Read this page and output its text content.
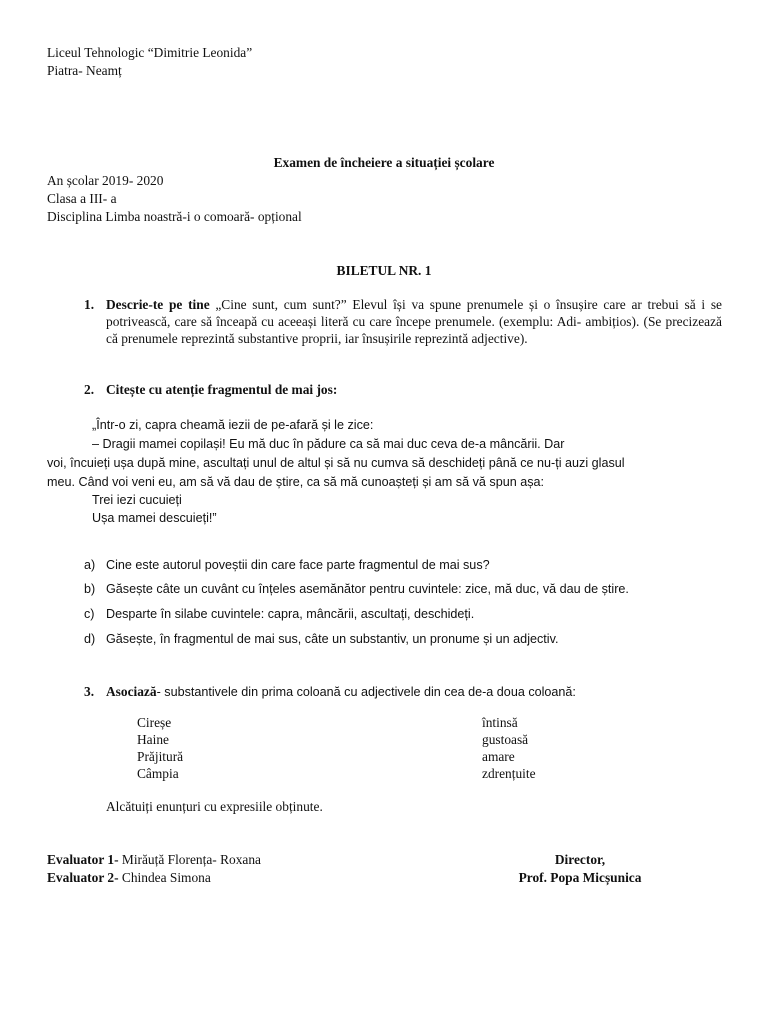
Liceul Tehnologic “Dimitrie Leonida”
Piatra- Neamț
Examen de încheiere a situației școlare
An școlar 2019- 2020
Clasa a III- a
Disciplina Limba noastră-i o comoară- opțional
BILETUL NR. 1
1. Descrie-te pe tine „Cine sunt, cum sunt?” Elevul își va spune prenumele și o însușire care ar trebui să i se potrivească, care să înceapă cu aceeași literă cu care începe prenumele. (exemplu: Adi- ambițios). (Se precizează că prenumele reprezintă substantive proprii, iar însușirile reprezintă adjective).
2. Citește cu atenție fragmentul de mai jos:
„Într-o zi, capra cheamă iezii de pe-afară și le zice:
– Dragii mamei copilași! Eu mă duc în pădure ca să mai duc ceva de-a mâncării. Dar
voi, încuieți ușa după mine, ascultați unul de altul și să nu cumva să deschideți până ce nu-ți auzi glasul
meu. Când voi veni eu, am să vă dau de știre, ca să mă cunoașteți și am să vă spun așa:
Trei iezi cucuieți
Ușa mamei descuieți!”
a) Cine este autorul poveștii din care face parte fragmentul de mai sus?
b) Găsește câte un cuvânt cu înțeles asemănător pentru cuvintele: zice, mă duc, vă dau de știre.
c) Desparte în silabe cuvintele: capra, mâncării, ascultați, deschideți.
d) Găsește, în fragmentul de mai sus, câte un substantiv, un pronume și un adjectiv.
3. Asociază- substantivele din prima coloană cu adjectivele din cea de-a doua coloană:
Cireșe
Haine
Prăjitură
Câmpia
întinsă
gustoasă
amare
zdrențuite
Alcătuiți enunțuri cu expresiile obținute.
Evaluator 1- Mirăuță Florența- Roxana
Evaluator 2- Chindea Simona
Director,
Prof. Popa Micșunica
